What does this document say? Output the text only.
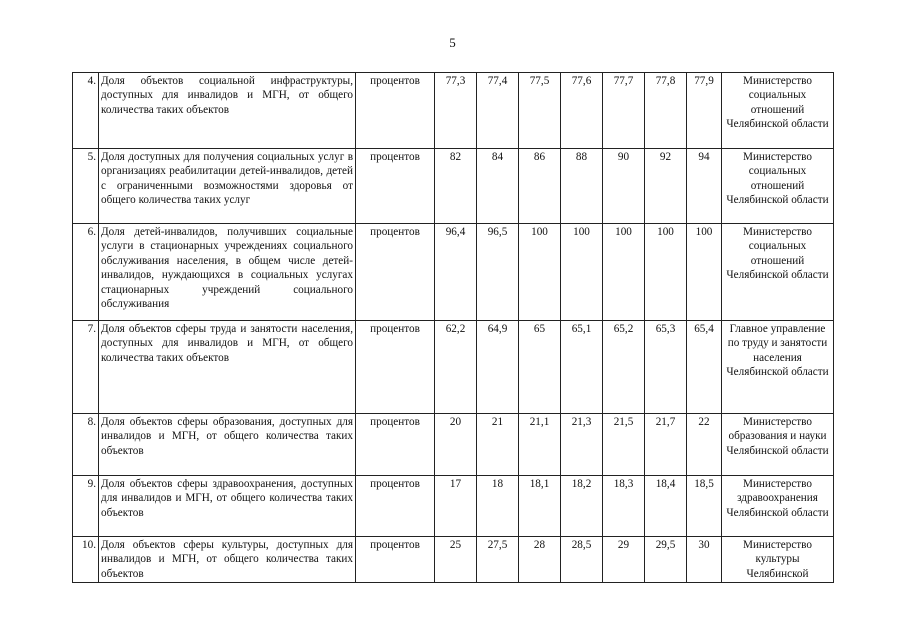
5
4.	Доля объектов социальной инфраструктуры, доступных для инвалидов и МГН, от общего количества таких объектов	процентов	77,3	77,4	77,5	77,6	77,7	77,8	77,9	Министерство социальных отношений Челябинской области
5.	Доля доступных для получения социальных услуг в организациях реабилитации детей-инвалидов, детей с ограниченными возможностями здоровья от общего количества таких услуг	процентов	82	84	86	88	90	92	94	Министерство социальных отношений Челябинской области
6.	Доля детей-инвалидов, получивших социальные услуги в стационарных учреждениях социального обслуживания населения, в общем числе детей-инвалидов, нуждающихся в социальных услугах стационарных учреждений социального обслуживания	процентов	96,4	96,5	100	100	100	100	100	Министерство социальных отношений Челябинской области
7.	Доля объектов сферы труда и занятости населения, доступных для инвалидов и МГН, от общего количества таких объектов	процентов	62,2	64,9	65	65,1	65,2	65,3	65,4	Главное управление по труду и занятости населения Челябинской области
8.	Доля объектов сферы образования, доступных для инвалидов и МГН, от общего количества таких объектов	процентов	20	21	21,1	21,3	21,5	21,7	22	Министерство образования и науки Челябинской области
9.	Доля объектов сферы здравоохранения, доступных для инвалидов и МГН, от общего количества таких объектов	процентов	17	18	18,1	18,2	18,3	18,4	18,5	Министерство здравоохранения Челябинской области
10.	Доля объектов сферы культуры, доступных для инвалидов и МГН, от общего количества таких объектов	процентов	25	27,5	28	28,5	29	29,5	30	Министерство культуры Челябинской
